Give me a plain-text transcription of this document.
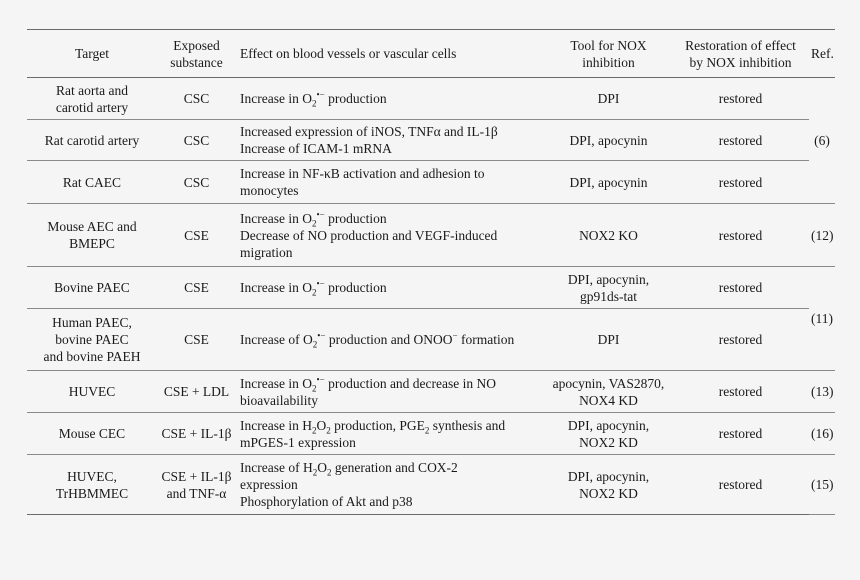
Target	Exposed
substance	Effect on blood vessels or vascular cells	Tool for NOX
inhibition	Restoration of effect
by NOX inhibition	Ref.

Rat aorta and
carotid artery	CSC	Increase in $O_2^{•-}$ production	DPI	restored	(6)

Rat carotid artery	CSC	Increased expression of iNOS, TNFα and IL-1β
Increase of ICAM-1 mRNA	DPI, apocynin	restored	

Rat CAEC	CSC	Increase in NF-κB activation and adhesion to
monocytes	DPI, apocynin	restored	

Mouse AEC and
BMEPC	CSE	Increase in $O_2^{•-}$ production
Decrease of NO production and VEGF-induced
migration	NOX2 KO	restored	(12)

Bovine PAEC	CSE	Increase in $O_2^{•-}$ production	DPI, apocynin,
gp91ds-tat	restored	(11)

Human PAEC,
bovine PAEC
and bovine PAEH	CSE	Increase of $O_2^{•-}$ production and ONOO− formation	DPI	restored	

HUVEC	CSE + LDL	Increase in $O_2^{•-}$ production and decrease in NO
bioavailability	apocynin, VAS2870,
NOX4 KD	restored	(13)

Mouse CEC	CSE + IL-1β	Increase in $H_2O_2$ production, $PGE_2$ synthesis and
mPGES-1 expression	DPI, apocynin,
NOX2 KD	restored	(16)

HUVEC,
TrHBMMEC	CSE + IL-1β
and TNF-α	Increase of $H_2O_2$ generation and COX-2
expression
Phosphorylation of Akt and p38	DPI, apocynin,
NOX2 KD	restored	(15)
